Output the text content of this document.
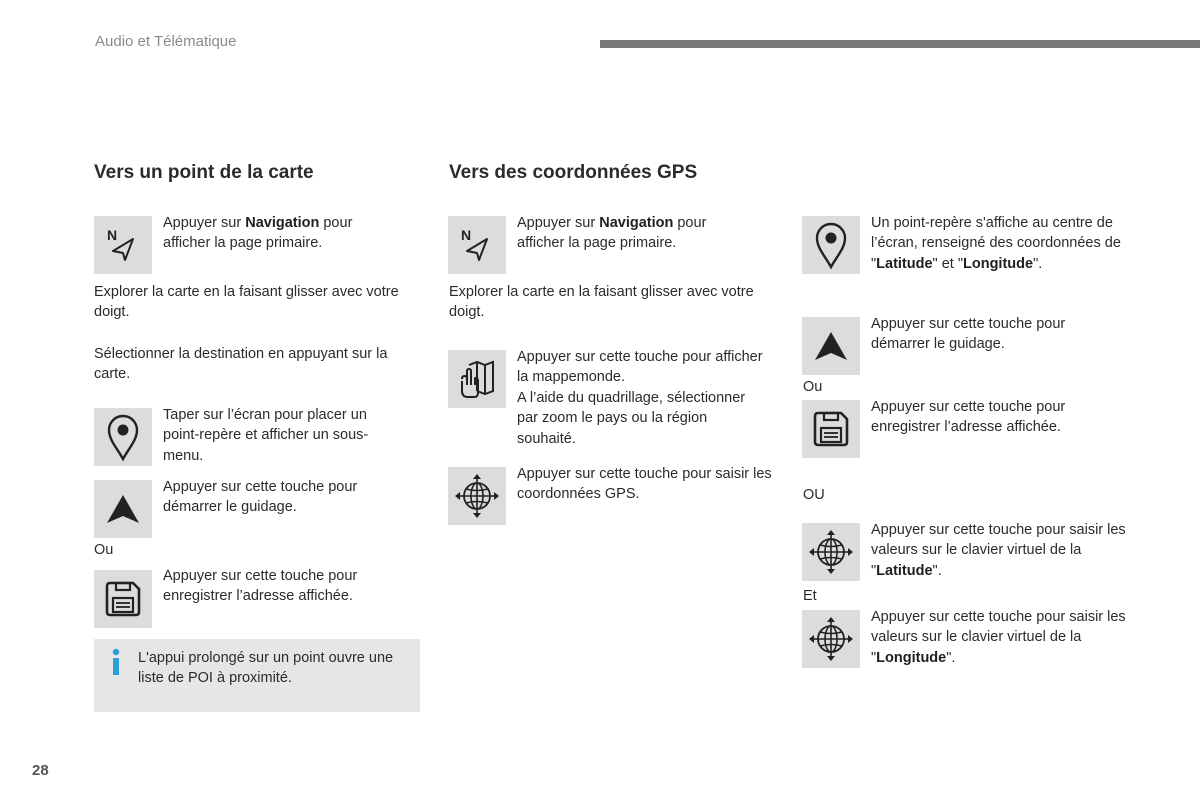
Audio et Télématique
Vers un point de la carte
N
Appuyer sur Navigation pour afficher la page primaire.
Explorer la carte en la faisant glisser avec votre doigt.
Sélectionner la destination en appuyant sur la carte.
Taper sur l’écran pour placer un point-repère et afficher un sous-menu.
Appuyer sur cette touche pour démarrer le guidage.
Ou
Appuyer sur cette touche pour enregistrer l’adresse affichée.
L'appui prolongé sur un point ouvre une liste de POI à proximité.
Vers des coordonnées GPS
N
Appuyer sur Navigation pour afficher la page primaire.
Explorer la carte en la faisant glisser avec votre doigt.
Appuyer sur cette touche pour afficher la mappemonde.
A l’aide du quadrillage, sélectionner par zoom le pays ou la région souhaité.
Appuyer sur cette touche pour saisir les coordonnées GPS.
Un point-repère s'affiche au centre de l’écran, renseigné des coordonnées de "Latitude" et "Longitude".
Appuyer sur cette touche pour démarrer le guidage.
Ou
Appuyer sur cette touche pour enregistrer l’adresse affichée.
OU
Appuyer sur cette touche pour saisir les valeurs sur le clavier virtuel de la "Latitude".
Et
Appuyer sur cette touche pour saisir les valeurs sur le clavier virtuel de la "Longitude".
28
